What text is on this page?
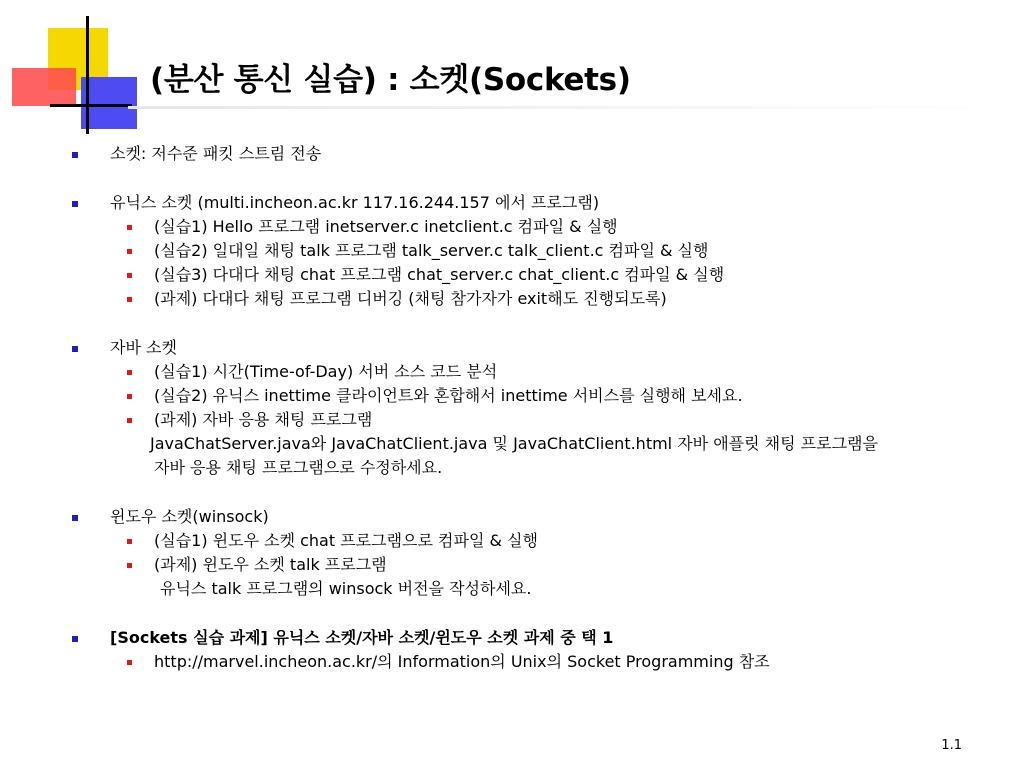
(분산 통신 실습) : 소켓(Sockets)
소켓: 저수준 패킷 스트림 전송
유닉스 소켓 (multi.incheon.ac.kr 117.16.244.157 에서 프로그램)
(실습1) Hello 프로그램 inetserver.c inetclient.c 컴파일 & 실행
(실습2) 일대일 채팅 talk 프로그램 talk_server.c talk_client.c 컴파일 & 실행
(실습3) 다대다 채팅 chat 프로그램 chat_server.c chat_client.c 컴파일 & 실행
(과제) 다대다 채팅 프로그램 디버깅 (채팅 참가자가 exit해도 진행되도록)
자바 소켓
(실습1) 시간(Time-of-Day) 서버 소스 코드 분석
(실습2) 유닉스 inettime 클라이언트와 혼합해서 inettime 서비스를 실행해 보세요.
(과제) 자바 응용 채팅 프로그램
JavaChatServer.java와 JavaChatClient.java 및 JavaChatClient.html 자바 애플릿 채팅 프로그램을
자바 응용 채팅 프로그램으로 수정하세요.
윈도우 소켓(winsock)
(실습1) 윈도우 소켓 chat 프로그램으로 컴파일 & 실행
(과제) 윈도우 소켓 talk 프로그램
유닉스 talk 프로그램의 winsock 버전을 작성하세요.
[Sockets 실습 과제] 유닉스 소켓/자바 소켓/윈도우 소켓 과제 중 택 1
http://marvel.incheon.ac.kr/의 Information의 Unix의 Socket Programming 참조
1.1
